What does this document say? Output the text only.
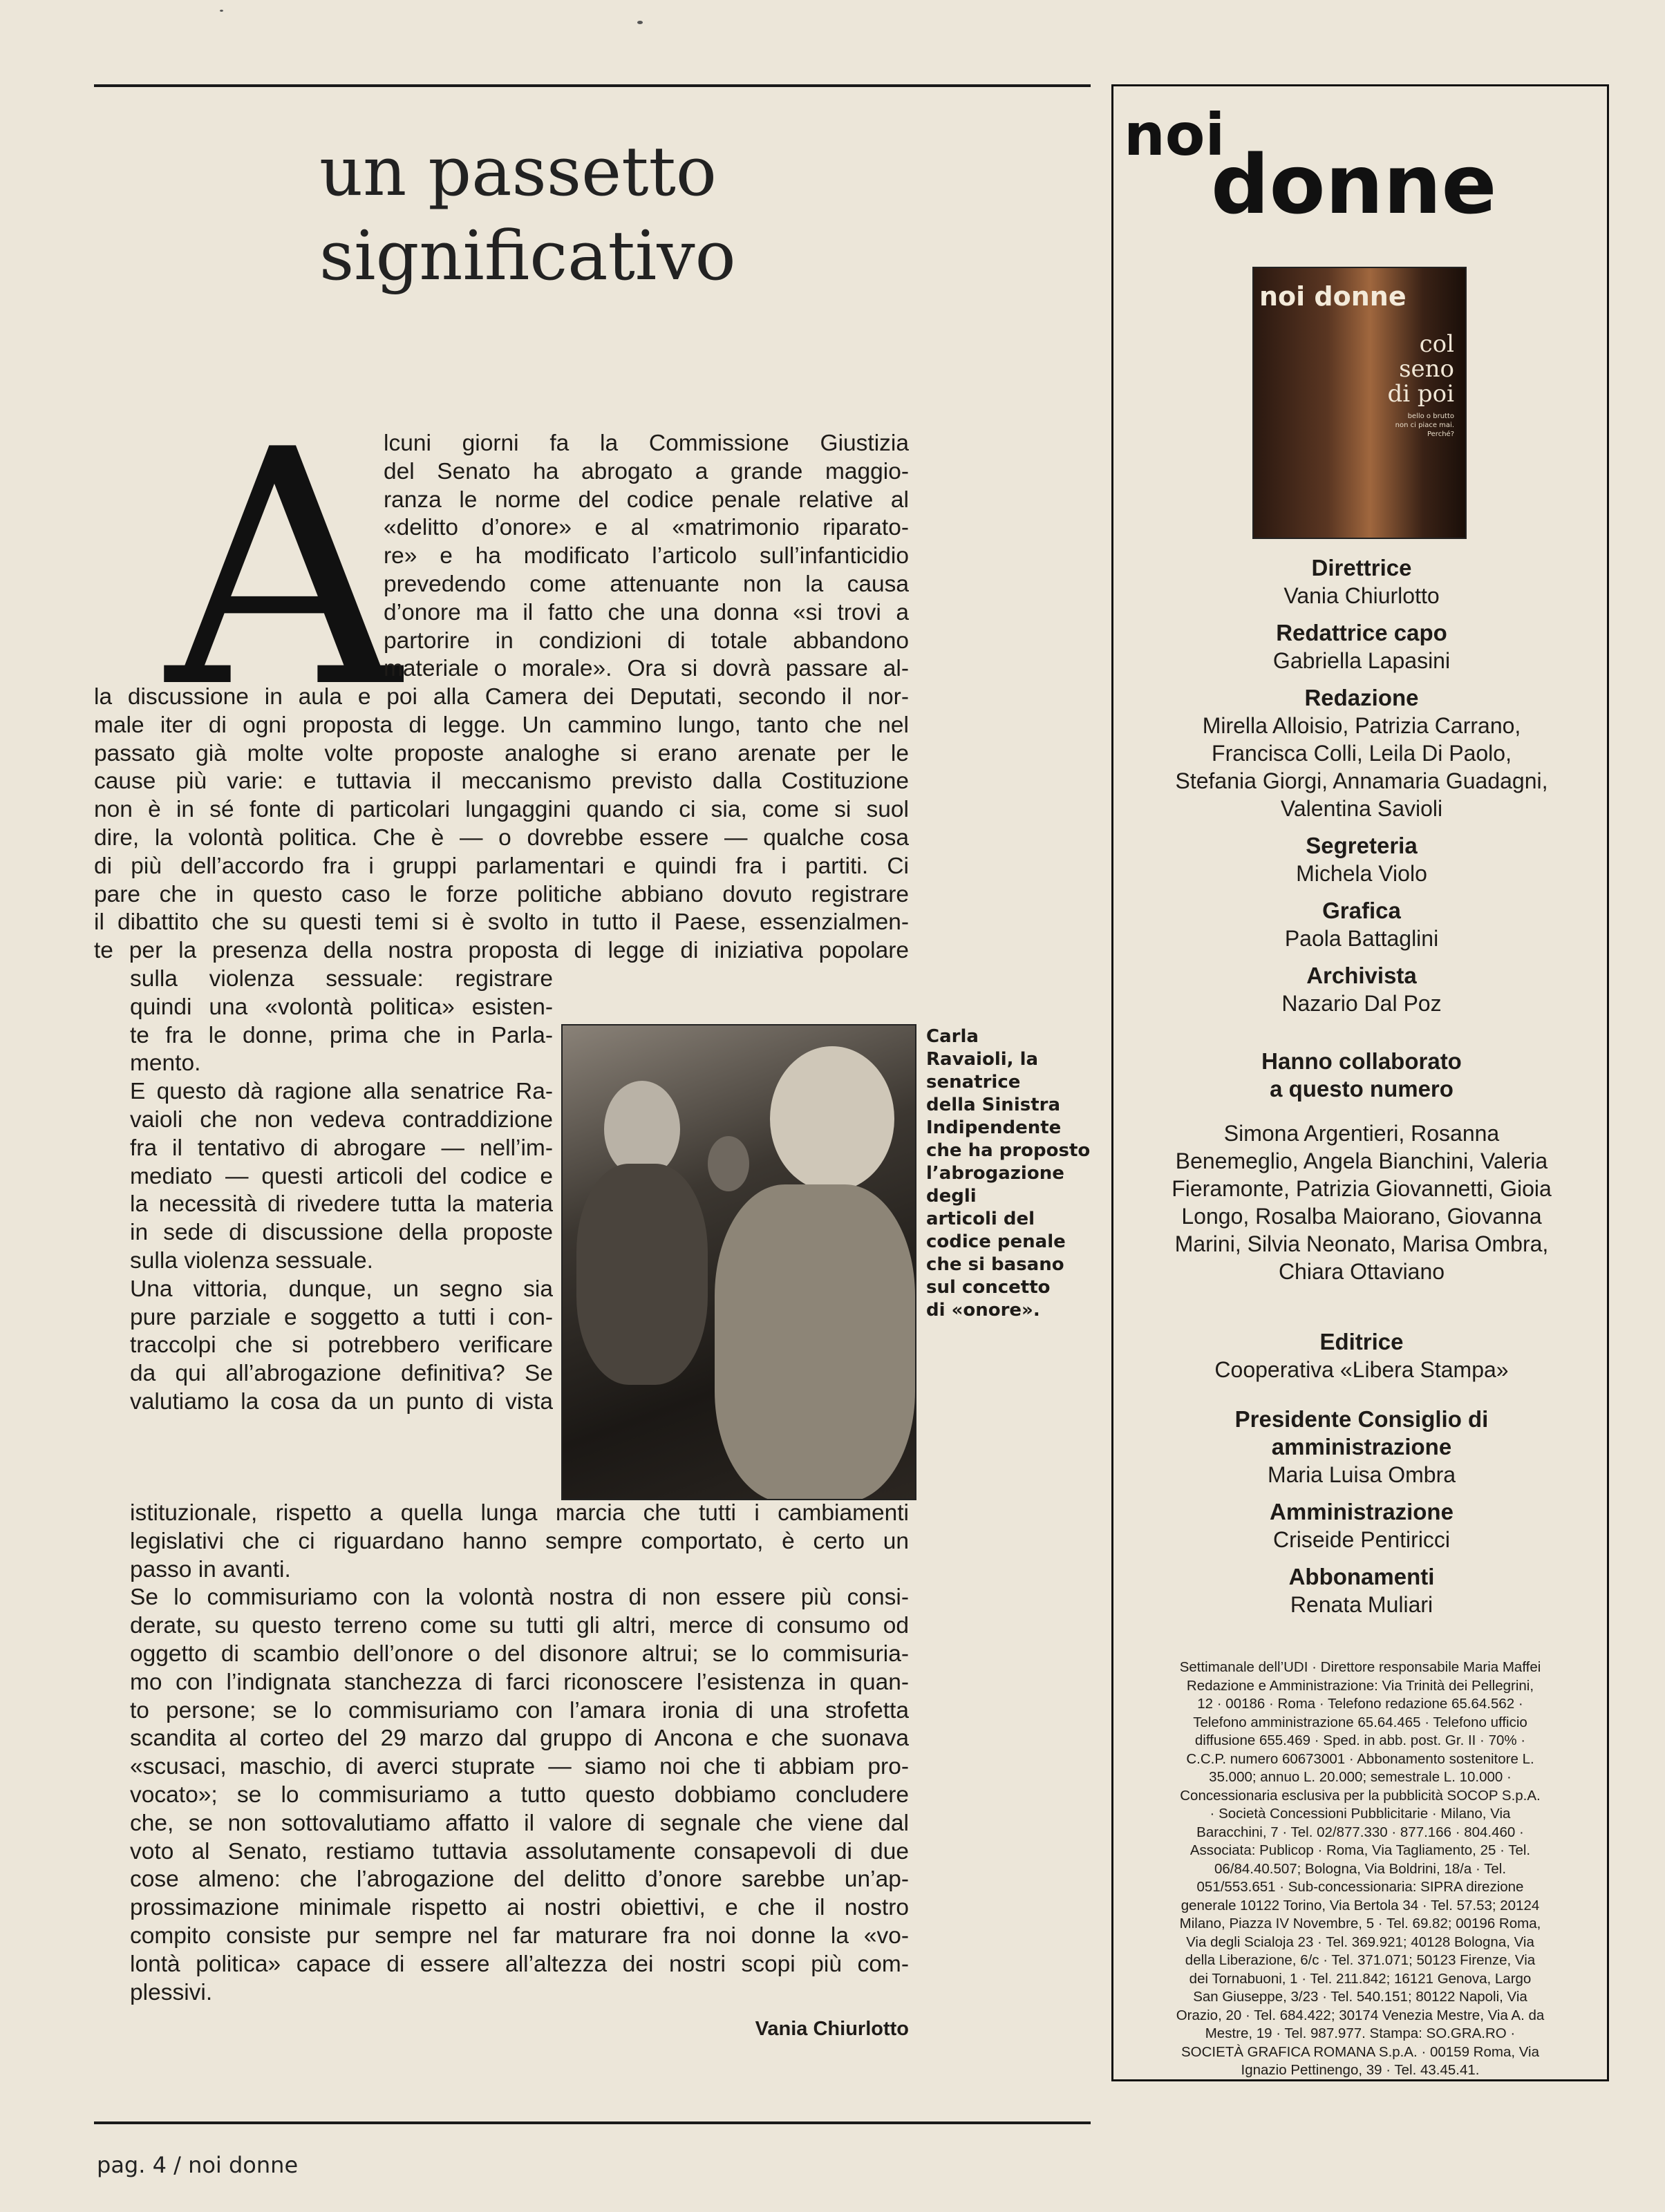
un passetto
significativo
A
lcuni giorni fa la Commissione Giustizia
del Senato ha abrogato a grande maggio-
ranza le norme del codice penale relative al
«delitto d’onore» e al «matrimonio riparato-
re» e ha modificato l’articolo sull’infanticidio
prevedendo come attenuante non la causa
d’onore ma il fatto che una donna «si trovi a
partorire in condizioni di totale abbandono
materiale o morale». Ora si dovrà passare al-
la discussione in aula e poi alla Camera dei Deputati, secondo il nor-
male iter di ogni proposta di legge. Un cammino lungo, tanto che nel
passato già molte volte proposte analoghe si erano arenate per le
cause più varie: e tuttavia il meccanismo previsto dalla Costituzione
non è in sé fonte di particolari lungaggini quando ci sia, come si suol
dire, la volontà politica. Che è — o dovrebbe essere — qualche cosa
di più dell’accordo fra i gruppi parlamentari e quindi fra i partiti. Ci
pare che in questo caso le forze politiche abbiano dovuto registrare
il dibattito che su questi temi si è svolto in tutto il Paese, essenzialmen-
te per la presenza della nostra proposta di legge di iniziativa popolare
sulla violenza sessuale: registrare
quindi una «volontà politica» esisten-
te fra le donne, prima che in Parla-
mento.
E questo dà ragione alla senatrice Ra-
vaioli che non vedeva contraddizione
fra il tentativo di abrogare — nell’im-
mediato — questi articoli del codice e
la necessità di rivedere tutta la materia
in sede di discussione della proposte
sulla violenza sessuale.
Una vittoria, dunque, un segno sia
pure parziale e soggetto a tutti i con-
traccolpi che si potrebbero verificare
da qui all’abrogazione definitiva? Se
valutiamo la cosa da un punto di vista
istituzionale, rispetto a quella lunga marcia che tutti i cambiamenti
legislativi che ci riguardano hanno sempre comportato, è certo un
passo in avanti.
Se lo commisuriamo con la volontà nostra di non essere più consi-
derate, su questo terreno come su tutti gli altri, merce di consumo od
oggetto di scambio dell’onore o del disonore altrui; se lo commisuria-
mo con l’indignata stanchezza di farci riconoscere l’esistenza in quan-
to persone; se lo commisuriamo con l’amara ironia di una strofetta
scandita al corteo del 29 marzo dal gruppo di Ancona e che suonava
«scusaci, maschio, di averci stuprate — siamo noi che ti abbiam pro-
vocato»; se lo commisuriamo a tutto questo dobbiamo concludere
che, se non sottovalutiamo affatto il valore di segnale che viene dal
voto al Senato, restiamo tuttavia assolutamente consapevoli di due
cose almeno: che l’abrogazione del delitto d’onore sarebbe un’ap-
prossimazione minimale rispetto ai nostri obiettivi, e che il nostro
compito consiste pur sempre nel far maturare fra noi donne la «vo-
lontà politica» capace di essere all’altezza dei nostri scopi più com-
plessivi.
Carla
Ravaioli, la
senatrice
della Sinistra
Indipendente
che ha proposto
l’abrogazione
degli
articoli del
codice penale
che si basano
sul concetto
di «onore».
Vania Chiurlotto
pag. 4 / noi donne
noi
donne
noi donne
col
seno
di poi
bello o brutto
non ci piace mai.
Perché?
Direttrice
Vania Chiurlotto
Redattrice capo
Gabriella Lapasini
Redazione
Mirella Alloisio, Patrizia Carrano,
Francisca Colli, Leila Di Paolo,
Stefania Giorgi, Annamaria Guadagni,
Valentina Savioli
Segreteria
Michela Violo
Grafica
Paola Battaglini
Archivista
Nazario Dal Poz
Hanno collaborato
a questo numero
Simona Argentieri, Rosanna
Benemeglio, Angela Bianchini, Valeria
Fieramonte, Patrizia Giovannetti, Gioia
Longo, Rosalba Maiorano, Giovanna
Marini, Silvia Neonato, Marisa Ombra,
Chiara Ottaviano
Editrice
Cooperativa «Libera Stampa»
Presidente Consiglio di
amministrazione
Maria Luisa Ombra
Amministrazione
Criseide Pentiricci
Abbonamenti
Renata Muliari
Settimanale dell’UDI · Direttore responsabile Maria Maffei
Redazione e Amministrazione: Via Trinità dei Pellegrini,
12 · 00186 · Roma · Telefono redazione 65.64.562 ·
Telefono amministrazione 65.64.465 · Telefono ufficio
diffusione 655.469 · Sped. in abb. post. Gr. II · 70% ·
C.C.P. numero 60673001 · Abbonamento sostenitore L.
35.000; annuo L. 20.000; semestrale L. 10.000 ·
Concessionaria esclusiva per la pubblicità SOCOP S.p.A.
· Società Concessioni Pubblicitarie · Milano, Via
Baracchini, 7 · Tel. 02/877.330 · 877.166 · 804.460 ·
Associata: Publicop · Roma, Via Tagliamento, 25 · Tel.
06/84.40.507; Bologna, Via Boldrini, 18/a · Tel.
051/553.651 · Sub-concessionaria: SIPRA direzione
generale 10122 Torino, Via Bertola 34 · Tel. 57.53; 20124
Milano, Piazza IV Novembre, 5 · Tel. 69.82; 00196 Roma,
Via degli Scialoja 23 · Tel. 369.921; 40128 Bologna, Via
della Liberazione, 6/c · Tel. 371.071; 50123 Firenze, Via
dei Tornabuoni, 1 · Tel. 211.842; 16121 Genova, Largo
San Giuseppe, 3/23 · Tel. 540.151; 80122 Napoli, Via
Orazio, 20 · Tel. 684.422; 30174 Venezia Mestre, Via A. da
Mestre, 19 · Tel. 987.977. Stampa: SO.GRA.RO ·
SOCIETÀ GRAFICA ROMANA S.p.A. · 00159 Roma, Via
Ignazio Pettinengo, 39 · Tel. 43.45.41.
